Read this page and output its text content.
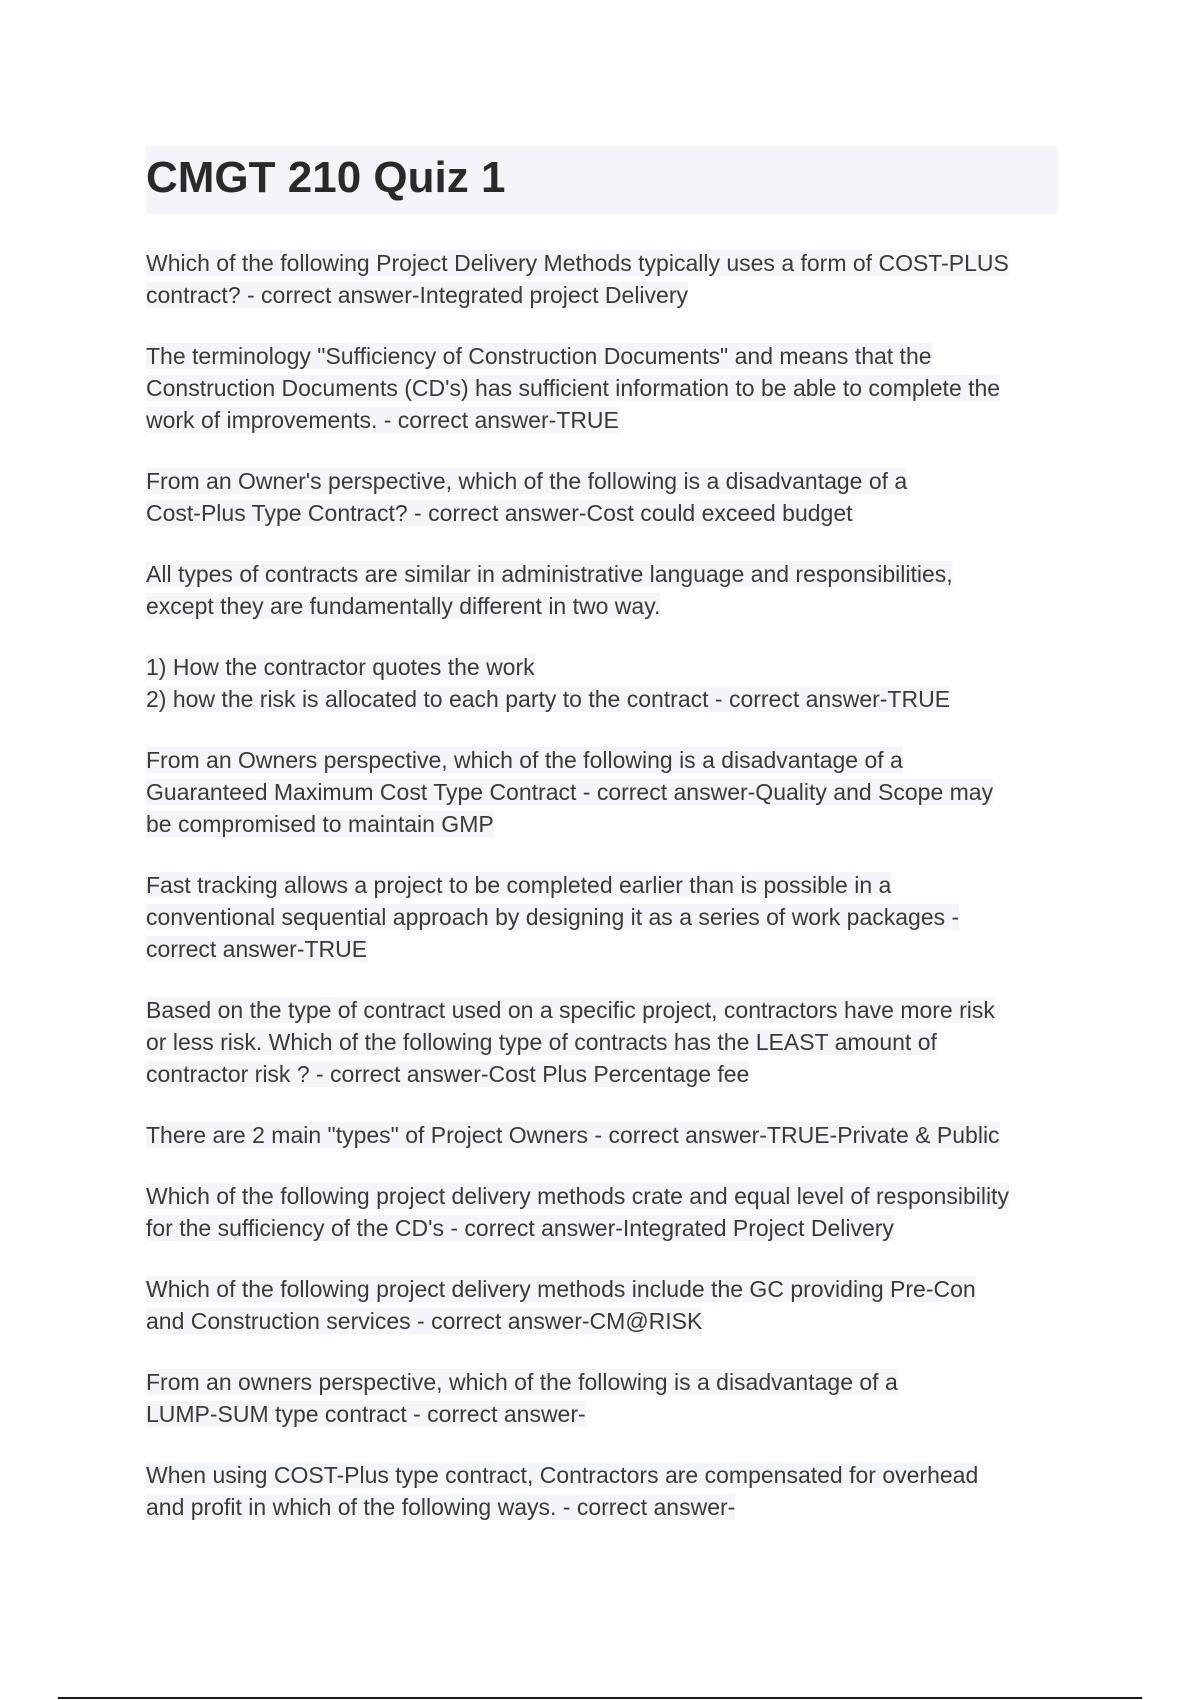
CMGT 210 Quiz 1
Which of the following Project Delivery Methods typically uses a form of COST-PLUS
contract? - correct answer-Integrated project Delivery
The terminology "Sufficiency of Construction Documents" and means that the
Construction Documents (CD's) has sufficient information to be able to complete the
work of improvements. - correct answer-TRUE
From an Owner's perspective, which of the following is a disadvantage of a
Cost-Plus Type Contract? - correct answer-Cost could exceed budget
All types of contracts are similar in administrative language and responsibilities,
except they are fundamentally different in two way.
1) How the contractor quotes the work
2) how the risk is allocated to each party to the contract - correct answer-TRUE
From an Owners perspective, which of the following is a disadvantage of a
Guaranteed Maximum Cost Type Contract - correct answer-Quality and Scope may
be compromised to maintain GMP
Fast tracking allows a project to be completed earlier than is possible in a
conventional sequential approach by designing it as a series of work packages -
correct answer-TRUE
Based on the type of contract used on a specific project, contractors have more risk
or less risk. Which of the following type of contracts has the LEAST amount of
contractor risk ? - correct answer-Cost Plus Percentage fee
There are 2 main "types" of Project Owners - correct answer-TRUE-Private & Public
Which of the following project delivery methods crate and equal level of responsibility
for the sufficiency of the CD's - correct answer-Integrated Project Delivery
Which of the following project delivery methods include the GC providing Pre-Con
and Construction services - correct answer-CM@RISK
From an owners perspective, which of the following is a disadvantage of a
LUMP-SUM type contract - correct answer-
When using COST-Plus type contract, Contractors are compensated for overhead
and profit in which of the following ways. - correct answer-
